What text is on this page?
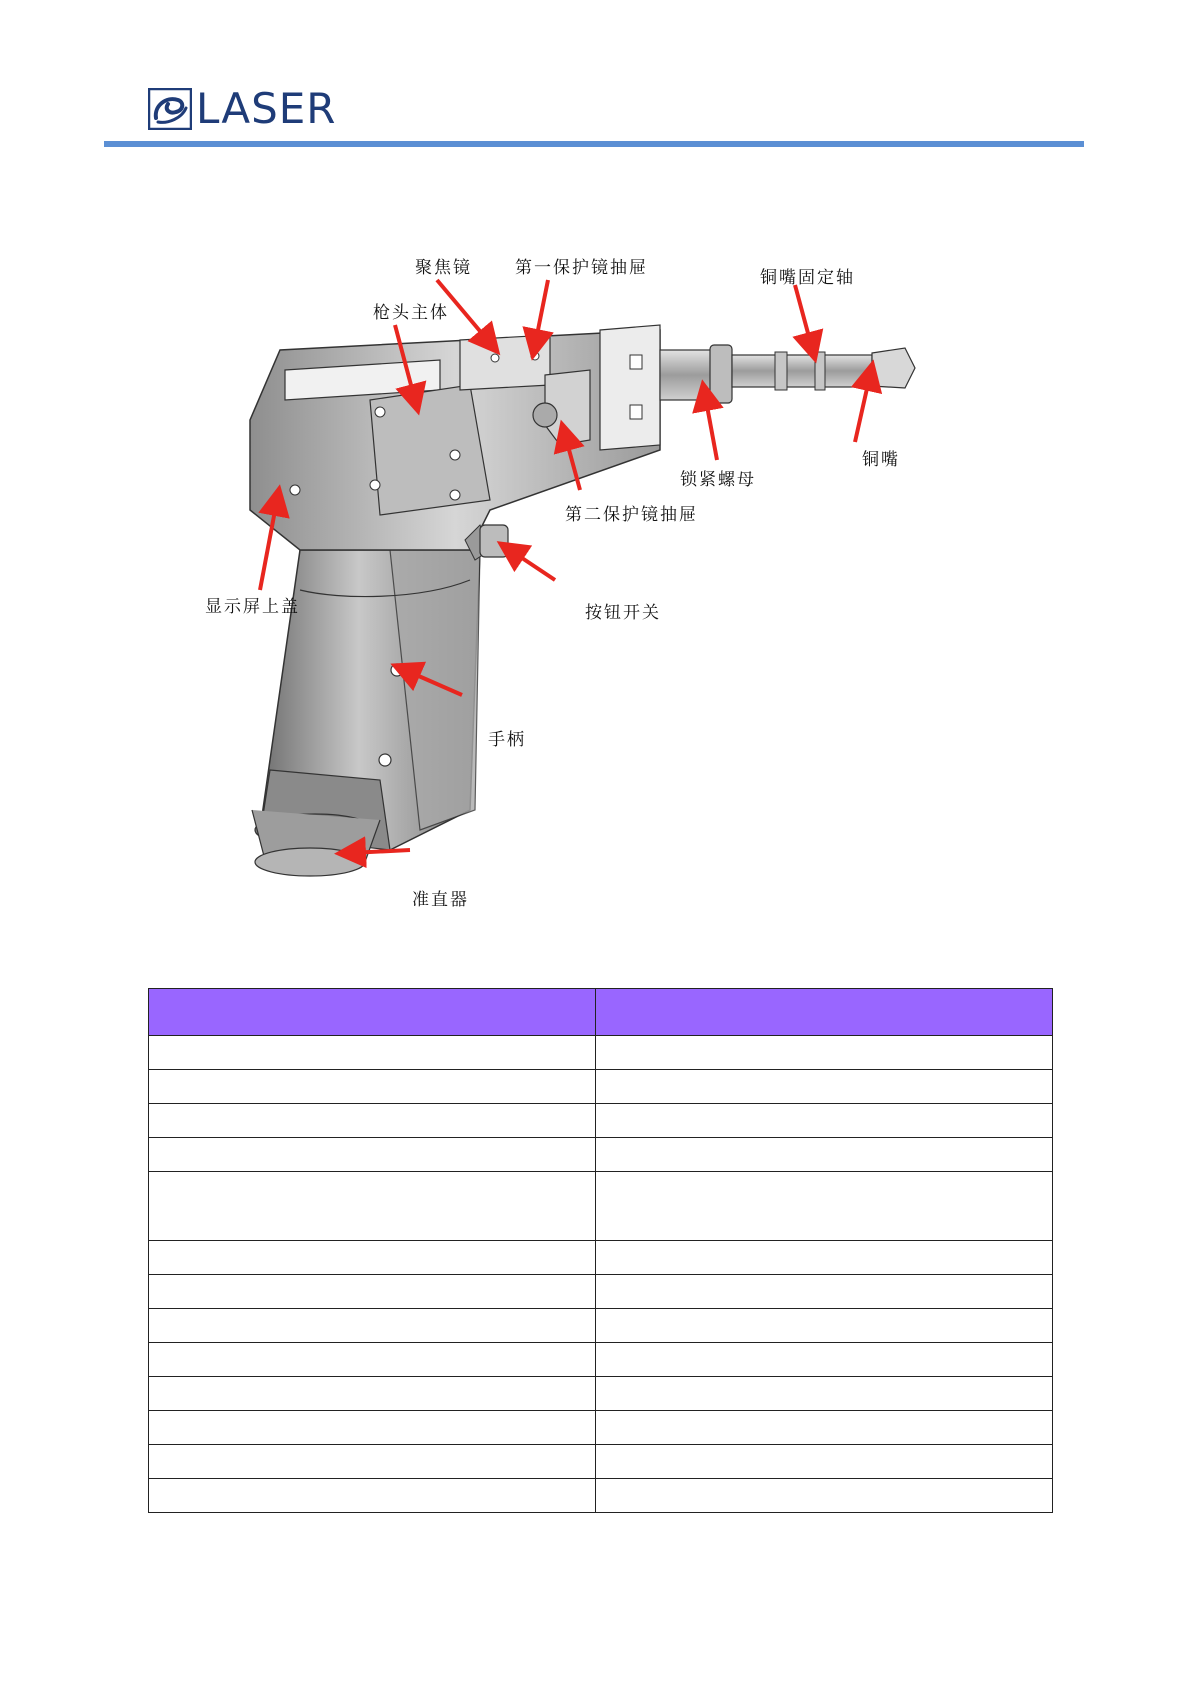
LASER
聚焦镜	第一保护镜抽屉	铜嘴固定轴
枪头主体
铜嘴
锁紧螺母
第二保护镜抽屉
显示屏上盖	按钮开关
手柄
准直器
